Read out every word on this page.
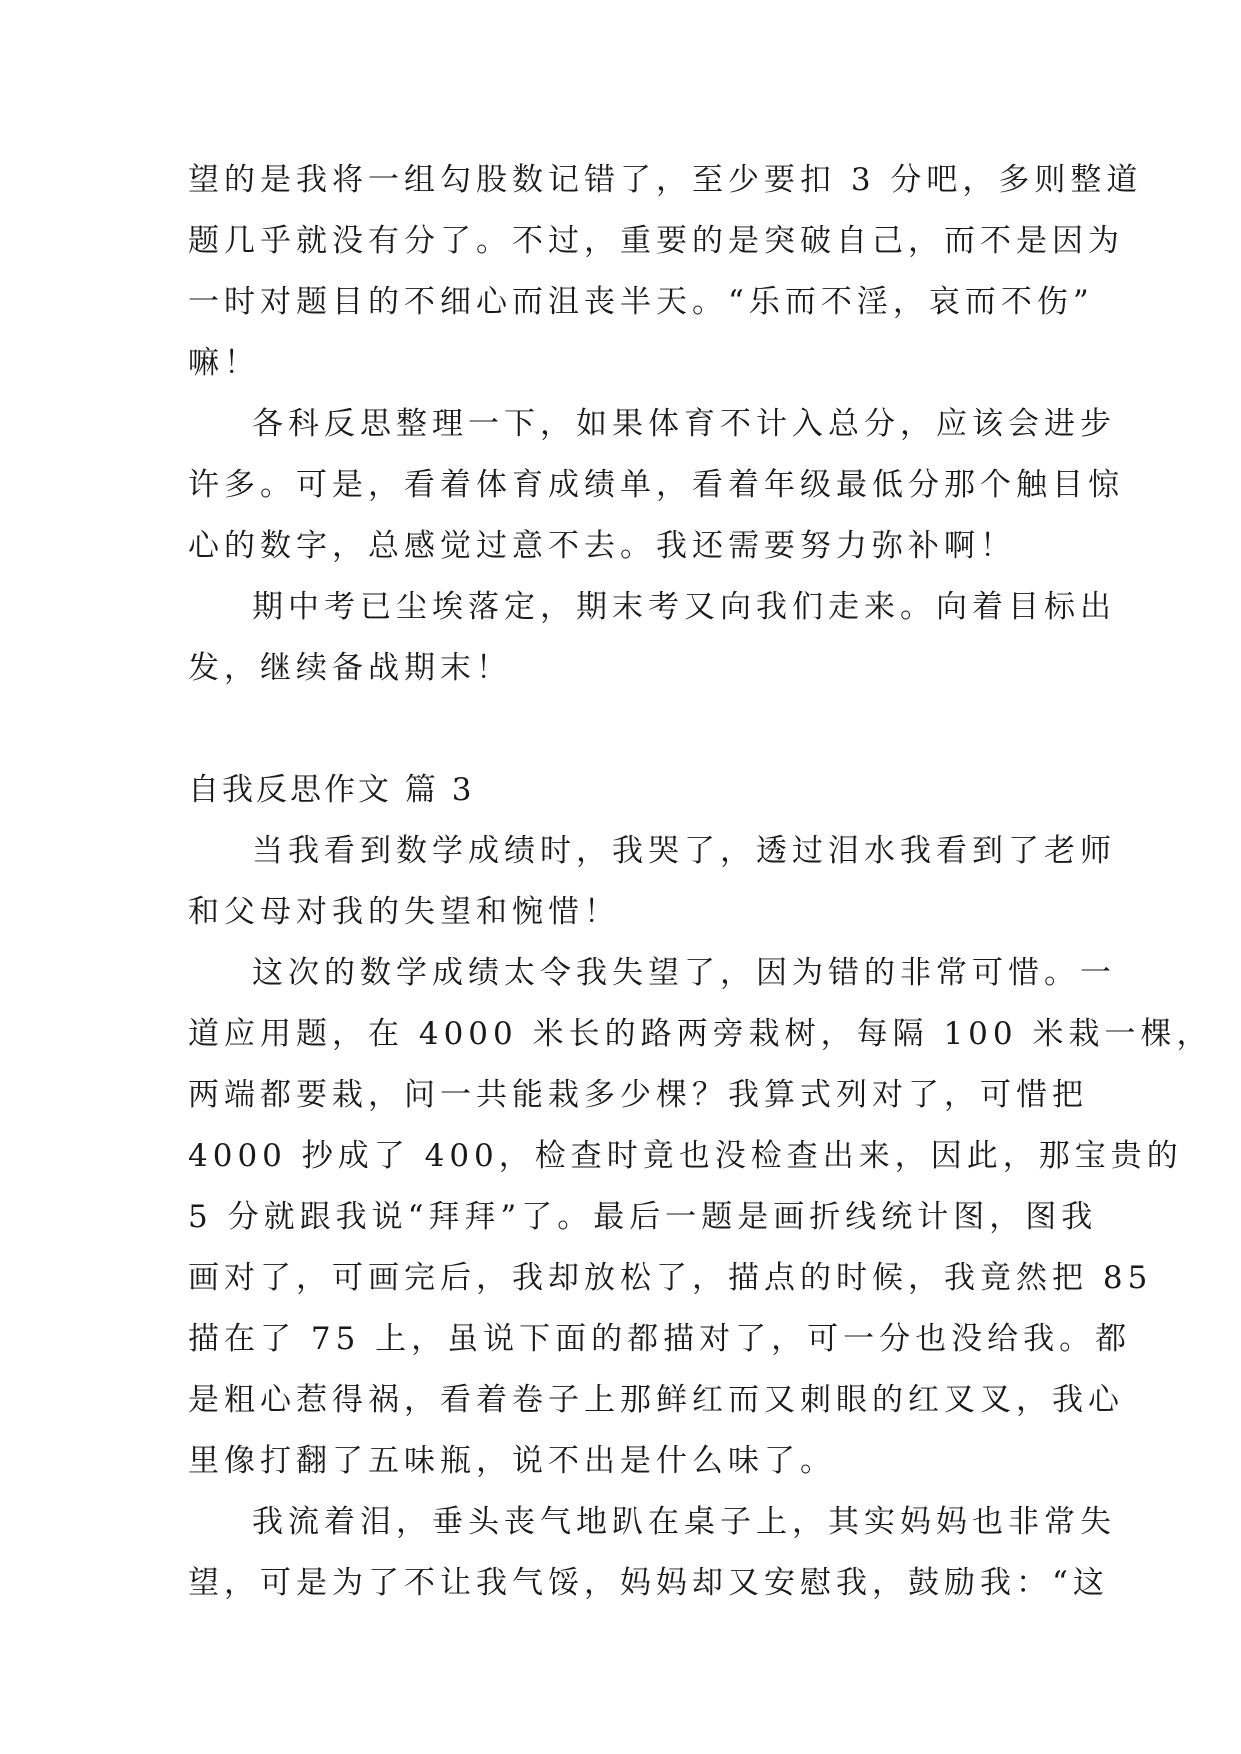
望的是我将一组勾股数记错了，至少要扣 3 分吧，多则整道
题几乎就没有分了。不过，重要的是突破自己，而不是因为
一时对题目的不细心而沮丧半天。“乐而不淫，哀而不伤”
嘛！
各科反思整理一下，如果体育不计入总分，应该会进步
许多。可是，看着体育成绩单，看着年级最低分那个触目惊
心的数字，总感觉过意不去。我还需要努力弥补啊！
期中考已尘埃落定，期末考又向我们走来。向着目标出
发，继续备战期末！
自我反思作文 篇 3
当我看到数学成绩时，我哭了，透过泪水我看到了老师
和父母对我的失望和惋惜！
这次的数学成绩太令我失望了，因为错的非常可惜。一
道应用题，在 4000 米长的路两旁栽树，每隔 100 米栽一棵，
两端都要栽，问一共能栽多少棵？我算式列对了，可惜把
4000 抄成了 400，检查时竟也没检查出来，因此，那宝贵的
5 分就跟我说“拜拜”了。最后一题是画折线统计图，图我
画对了，可画完后，我却放松了，描点的时候，我竟然把 85
描在了 75 上，虽说下面的都描对了，可一分也没给我。都
是粗心惹得祸，看着卷子上那鲜红而又刺眼的红叉叉，我心
里像打翻了五味瓶，说不出是什么味了。
我流着泪，垂头丧气地趴在桌子上，其实妈妈也非常失
望，可是为了不让我气馁，妈妈却又安慰我，鼓励我：“这
